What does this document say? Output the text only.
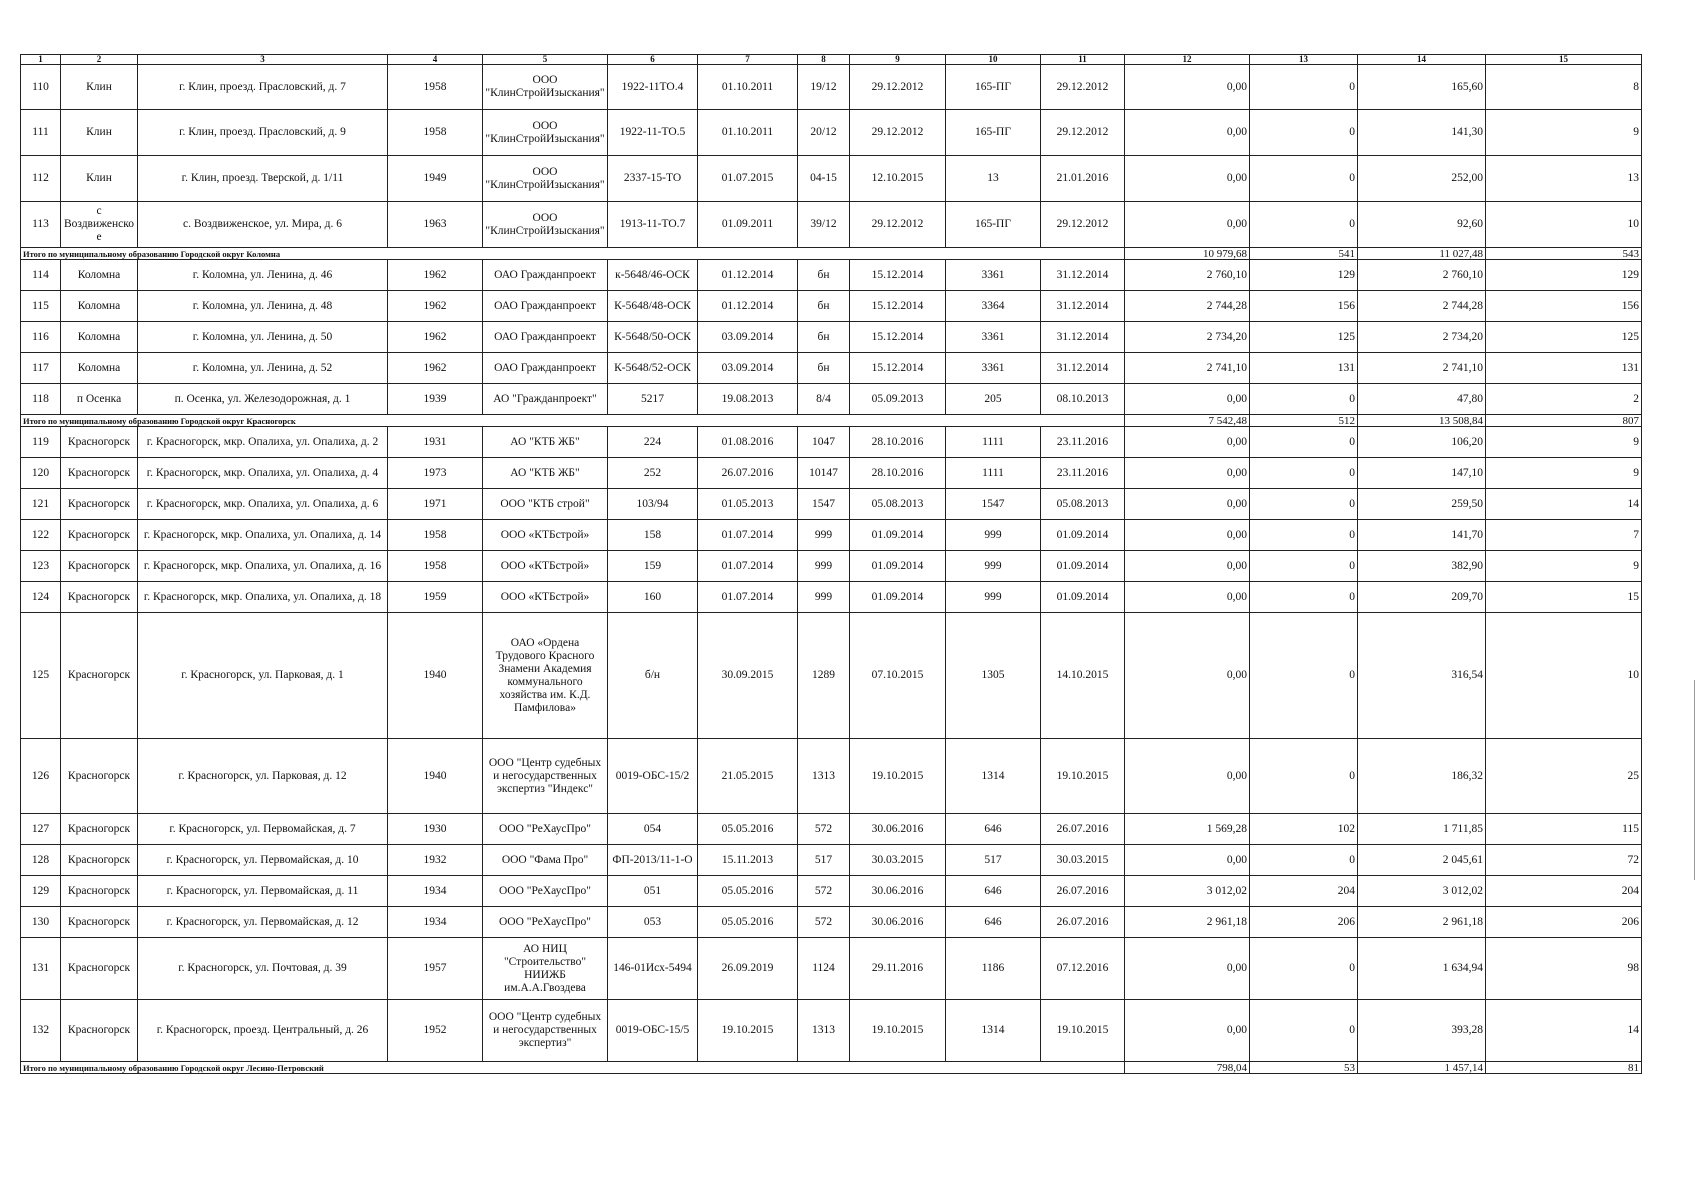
1	2	3	4	5	6	7	8	9	10	11	12	13	14	15
110	Клин	г. Клин, проезд. Праcловский, д. 7	1958	ООО "КлинСтройИзыскания"	1922-11ТО.4	01.10.2011	19/12	29.12.2012	165-ПГ	29.12.2012	0,00	0	165,60	8
111	Клин	г. Клин, проезд. Праcловский, д. 9	1958	ООО "КлинСтройИзыскания"	1922-11-ТО.5	01.10.2011	20/12	29.12.2012	165-ПГ	29.12.2012	0,00	0	141,30	9
112	Клин	г. Клин, проезд. Тверской, д. 1/11	1949	ООО "КлинСтройИзыскания"	2337-15-ТО	01.07.2015	04-15	12.10.2015	13	21.01.2016	0,00	0	252,00	13
113	с Воздвиженское	с. Воздвиженское, ул. Мира, д. 6	1963	ООО "КлинСтройИзыскания"	1913-11-ТО.7	01.09.2011	39/12	29.12.2012	165-ПГ	29.12.2012	0,00	0	92,60	10
Итого по муниципальному образованию Городской округ Коломна											10 979,68	541	11 027,48	543
114	Коломна	г. Коломна, ул. Ленина, д. 46	1962	ОАО Гражданпроект	к-5648/46-ОСК	01.12.2014	бн	15.12.2014	3361	31.12.2014	2 760,10	129	2 760,10	129
115	Коломна	г. Коломна, ул. Ленина, д. 48	1962	ОАО Гражданпроект	К-5648/48-ОСК	01.12.2014	бн	15.12.2014	3364	31.12.2014	2 744,28	156	2 744,28	156
116	Коломна	г. Коломна, ул. Ленина, д. 50	1962	ОАО Гражданпроект	К-5648/50-ОСК	03.09.2014	бн	15.12.2014	3361	31.12.2014	2 734,20	125	2 734,20	125
117	Коломна	г. Коломна, ул. Ленина, д. 52	1962	ОАО Гражданпроект	К-5648/52-ОСК	03.09.2014	бн	15.12.2014	3361	31.12.2014	2 741,10	131	2 741,10	131
118	п Осенка	п. Осенка, ул. Железодорожная, д. 1	1939	АО "Гражданпроект"	5217	19.08.2013	8/4	05.09.2013	205	08.10.2013	0,00	0	47,80	2
Итого по муниципальному образованию Городской округ Красногорск											7 542,48	512	13 508,84	807
119	Красногорск	г. Красногорск, мкр. Опалиха, ул. Опалиха, д. 2	1931	АО "КТБ ЖБ"	224	01.08.2016	1047	28.10.2016	1111	23.11.2016	0,00	0	106,20	9
120	Красногорск	г. Красногорск, мкр. Опалиха, ул. Опалиха, д. 4	1973	АО "КТБ ЖБ"	252	26.07.2016	10147	28.10.2016	1111	23.11.2016	0,00	0	147,10	9
121	Красногорск	г. Красногорск, мкр. Опалиха, ул. Опалиха, д. 6	1971	ООО "КТБ строй"	103/94	01.05.2013	1547	05.08.2013	1547	05.08.2013	0,00	0	259,50	14
122	Красногорск	г. Красногорск, мкр. Опалиха, ул. Опалиха, д. 14	1958	ООО «КТБстрой»	158	01.07.2014	999	01.09.2014	999	01.09.2014	0,00	0	141,70	7
123	Красногорск	г. Красногорск, мкр. Опалиха, ул. Опалиха, д. 16	1958	ООО «КТБстрой»	159	01.07.2014	999	01.09.2014	999	01.09.2014	0,00	0	382,90	9
124	Красногорск	г. Красногорск, мкр. Опалиха, ул. Опалиха, д. 18	1959	ООО «КТБстрой»	160	01.07.2014	999	01.09.2014	999	01.09.2014	0,00	0	209,70	15
125	Красногорск	г. Красногорск, ул. Парковая, д. 1	1940	ОАО «Ордена Трудового Красного Знамени Академия коммунального хозяйства им. К.Д. Памфилова»	б/н	30.09.2015	1289	07.10.2015	1305	14.10.2015	0,00	0	316,54	10
126	Красногорск	г. Красногорск, ул. Парковая, д. 12	1940	ООО "Центр судебных и негосударственных экспертиз "Индекс"	0019-ОБС-15/2	21.05.2015	1313	19.10.2015	1314	19.10.2015	0,00	0	186,32	25
127	Красногорск	г. Красногорск, ул. Первомайская, д. 7	1930	ООО "РеХаусПро"	054	05.05.2016	572	30.06.2016	646	26.07.2016	1 569,28	102	1 711,85	115
128	Красногорск	г. Красногорск, ул. Первомайская, д. 10	1932	ООО "Фама Про"	ФП-2013/11-1-О	15.11.2013	517	30.03.2015	517	30.03.2015	0,00	0	2 045,61	72
129	Красногорск	г. Красногорск, ул. Первомайская, д. 11	1934	ООО "РеХаусПро"	051	05.05.2016	572	30.06.2016	646	26.07.2016	3 012,02	204	3 012,02	204
130	Красногорск	г. Красногорск, ул. Первомайская, д. 12	1934	ООО "РеХаусПро"	053	05.05.2016	572	30.06.2016	646	26.07.2016	2 961,18	206	2 961,18	206
131	Красногорск	г. Красногорск, ул. Почтовая, д. 39	1957	АО НИЦ "Строительство" НИИЖБ им.А.А.Гвоздева	146-01Исх-5494	26.09.2019	1124	29.11.2016	1186	07.12.2016	0,00	0	1 634,94	98
132	Красногорск	г. Красногорск, проезд. Центральный, д. 26	1952	ООО "Центр судебных и негосударственных экспертиз"	0019-ОБС-15/5	19.10.2015	1313	19.10.2015	1314	19.10.2015	0,00	0	393,28	14
Итого по муниципальному образованию Городской округ Лесино-Петровский											798,04	53	1 457,14	81
